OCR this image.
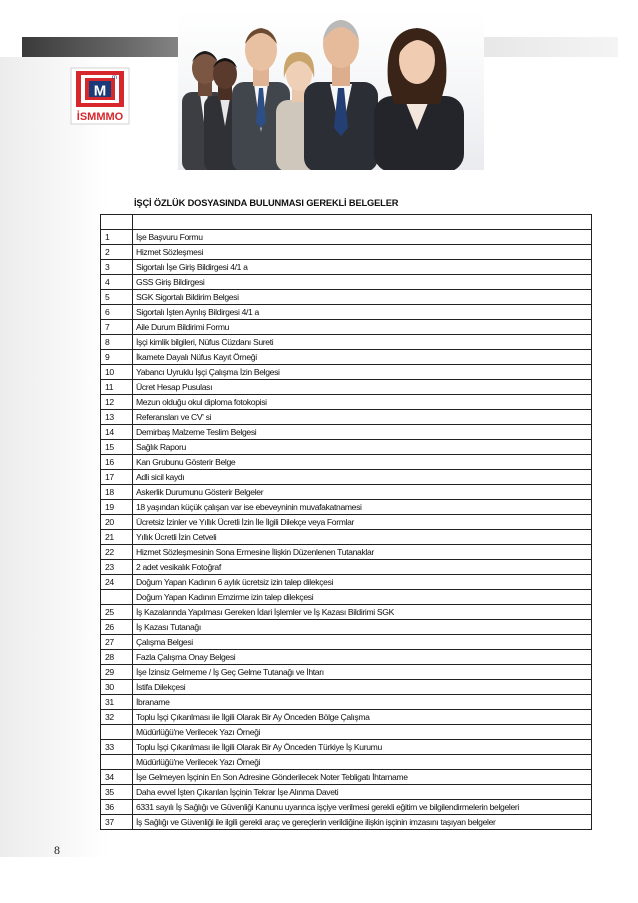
M
m
İSMMMO
İŞÇİ ÖZLÜK DOSYASINDA BULUNMASI GEREKLİ BELGELER

1	İşe Başvuru Formu
2	Hizmet Sözleşmesi
3	Sigortalı İşe Giriş Bildirgesi 4/1 a
4	GSS Giriş Bildirgesi
5	SGK Sigortalı Bildirim Belgesi
6	Sigortalı İşten Ayrılış Bildirgesi 4/1 a
7	Aile Durum Bildirimi Formu
8	İşçi kimlik bilgileri, Nüfus Cüzdanı Sureti
9	İkamete Dayalı Nüfus Kayıt Örneği
10	Yabancı Uyruklu İşçi Çalışma İzin Belgesi
11	Ücret Hesap Pusulası
12	Mezun olduğu okul diploma fotokopisi
13	Referansları ve CV' si
14	Demirbaş Malzeme Teslim Belgesi
15	Sağlık Raporu
16	Kan Grubunu Gösterir Belge
17	Adli sicil kaydı
18	Askerlik Durumunu Gösterir Belgeler
19	18 yaşından küçük çalışan var ise ebeveyninin muvafakatnamesi
20	Ücretsiz İzinler ve Yıllık Ücretli İzin İle İlgili Dilekçe veya Formlar
21	Yıllık Ücretli İzin Cetveli
22	Hizmet Sözleşmesinin Sona Ermesine İlişkin Düzenlenen Tutanaklar
23	2 adet vesikalık Fotoğraf
24	Doğum Yapan Kadının 6 aylık ücretsiz izin talep dilekçesi
	Doğum Yapan Kadının Emzirme izin talep dilekçesi
25	İş Kazalarında Yapılması Gereken İdari İşlemler ve İş Kazası Bildirimi SGK
26	İş Kazası Tutanağı
27	Çalışma Belgesi
28	Fazla Çalışma Onay Belgesi
29	İşe İzinsiz Gelmeme / İş Geç Gelme Tutanağı ve İhtarı
30	İstifa Dilekçesi
31	İbraname
32	Toplu İşçi Çıkarılması ile İlgili Olarak Bir Ay Önceden Bölge Çalışma
	Müdürlüğü'ne Verilecek Yazı Örneği
33	Toplu İşçi Çıkarılması ile İlgili Olarak Bir Ay Önceden Türkiye İş Kurumu
	Müdürlüğü'ne Verilecek Yazı Örneği
34	İşe Gelmeyen İşçinin En Son Adresine Gönderilecek Noter Tebligatı İhtarname
35	Daha evvel İşten Çıkarılan İşçinin Tekrar İşe Alınma Daveti
36	6331 sayılı İş Sağlığı ve Güvenliği Kanunu uyarınca işçiye verilmesi gerekli eğitim ve bilgilendirmelerin belgeleri
37	İş Sağlığı ve Güvenliği ile ilgili gerekli araç ve gereçlerin verildiğine ilişkin işçinin imzasını taşıyan belgeler
8
